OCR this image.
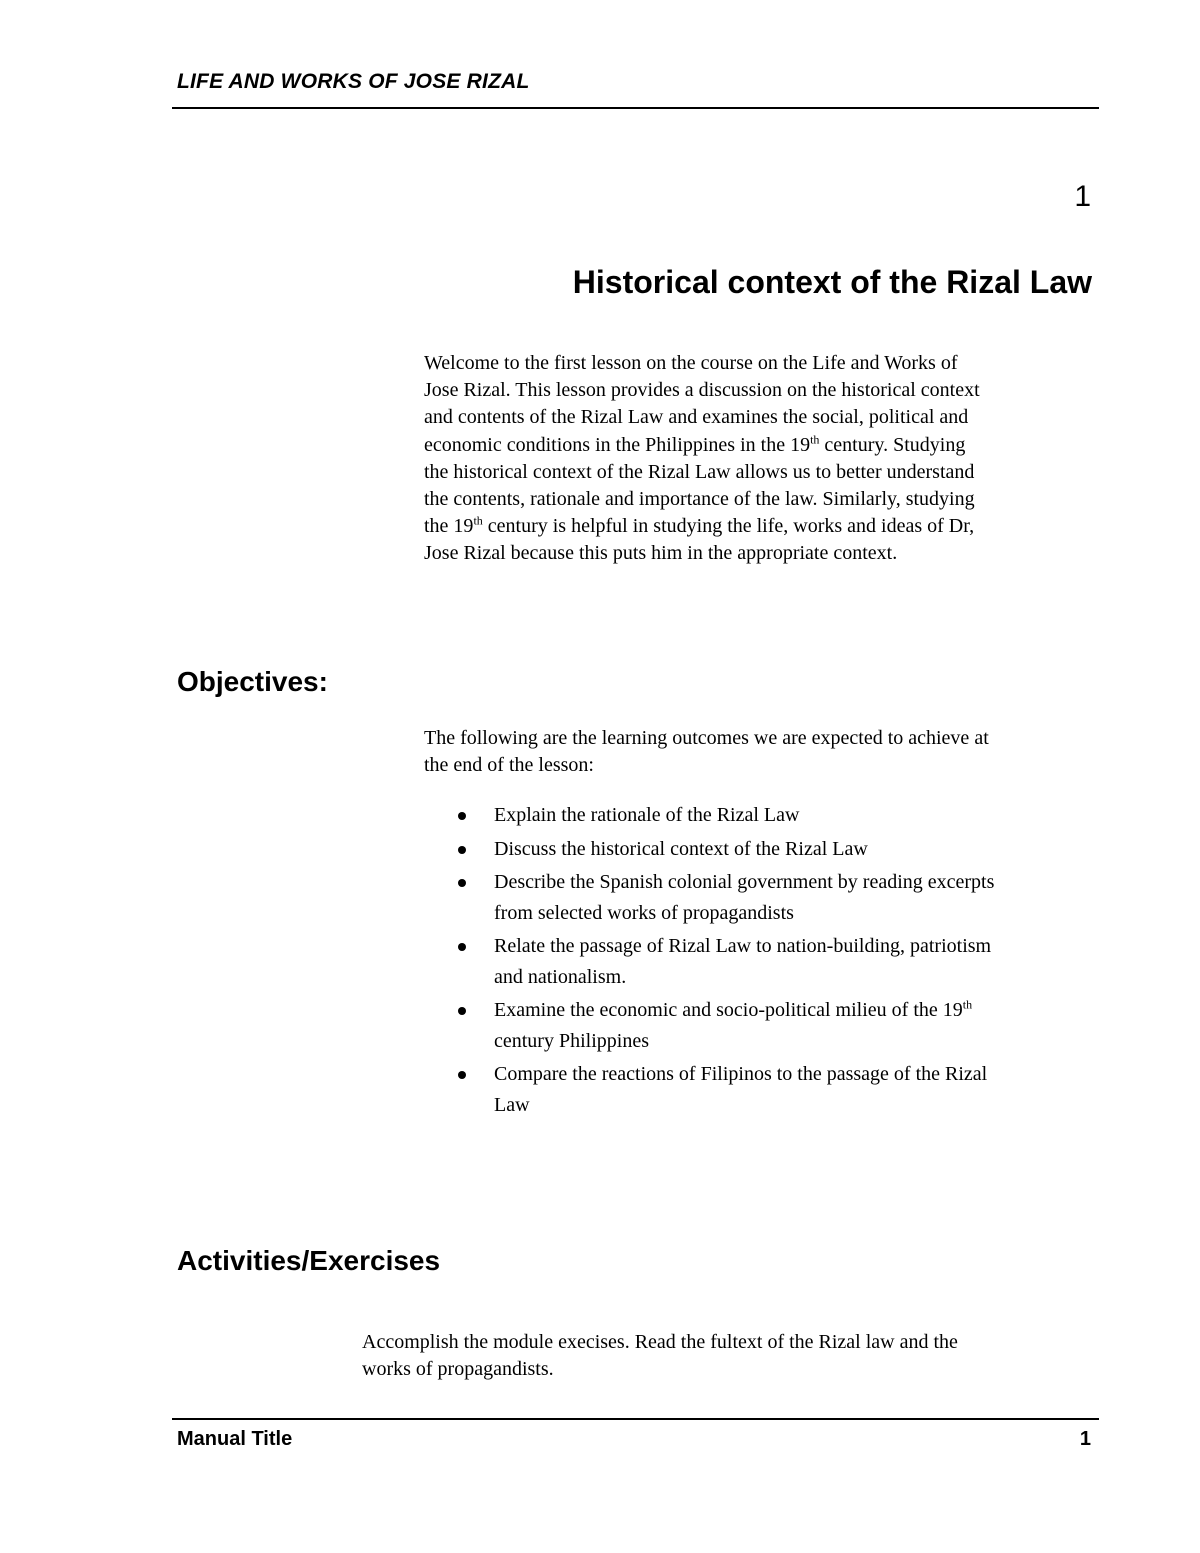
LIFE AND WORKS OF JOSE RIZAL
1
Historical context of the Rizal Law
Welcome to the first lesson on the course on the Life and Works of
Jose Rizal. This lesson provides a discussion on the historical context
and contents of the Rizal Law and examines the social, political and
economic conditions in the Philippines in the 19th century. Studying
the historical context of the Rizal Law allows us to better understand
the contents, rationale and importance of the law. Similarly, studying
the 19th century is helpful in studying the life, works and ideas of Dr,
Jose Rizal because this puts him in the appropriate context.
Objectives:
The following are the learning outcomes we are expected to achieve at
the end of the lesson:
Explain the rationale of the Rizal Law
Discuss the historical context of the Rizal Law
Describe the Spanish colonial government by reading excerpts
from selected works of propagandists
Relate the passage of Rizal Law to nation-building, patriotism
and nationalism.
Examine the economic and socio-political milieu of the 19th
century Philippines
Compare the reactions of Filipinos to the passage of the Rizal
Law
Activities/Exercises
Accomplish the module execises. Read the fultext of the Rizal law and the
works of propagandists.
Manual Title	1
